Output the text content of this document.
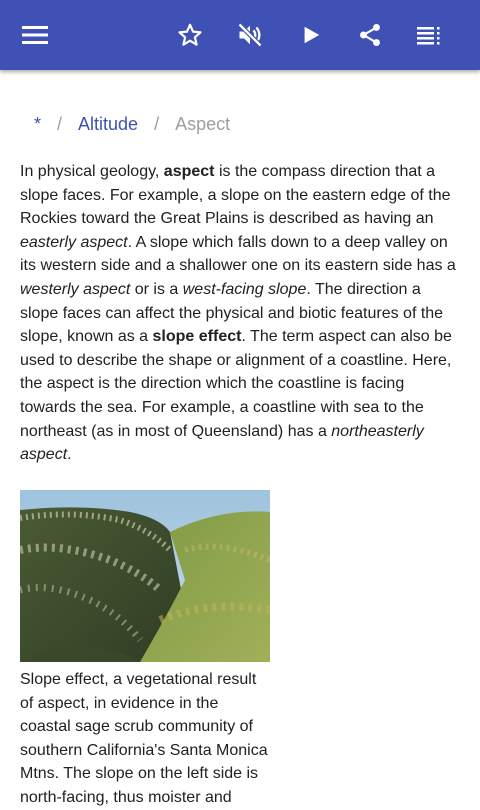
* / Altitude / Aspect

In physical geology, aspect is the compass direction that a slope faces. For example, a slope on the eastern edge of the Rockies toward the Great Plains is described as having an easterly aspect. A slope which falls down to a deep valley on its western side and a shallower one on its eastern side has a westerly aspect or is a west-facing slope. The direction a slope faces can affect the physical and biotic features of the slope, known as a slope effect. The term aspect can also be used to describe the shape or alignment of a coastline. Here, the aspect is the direction which the coastline is facing towards the sea. For example, a coastline with sea to the northeast (as in most of Queensland) has a northeasterly aspect.

Slope effect, a vegetational result of aspect, in evidence in the coastal sage scrub community of southern California's Santa Monica Mtns. The slope on the left side is north-facing, thus moister and
